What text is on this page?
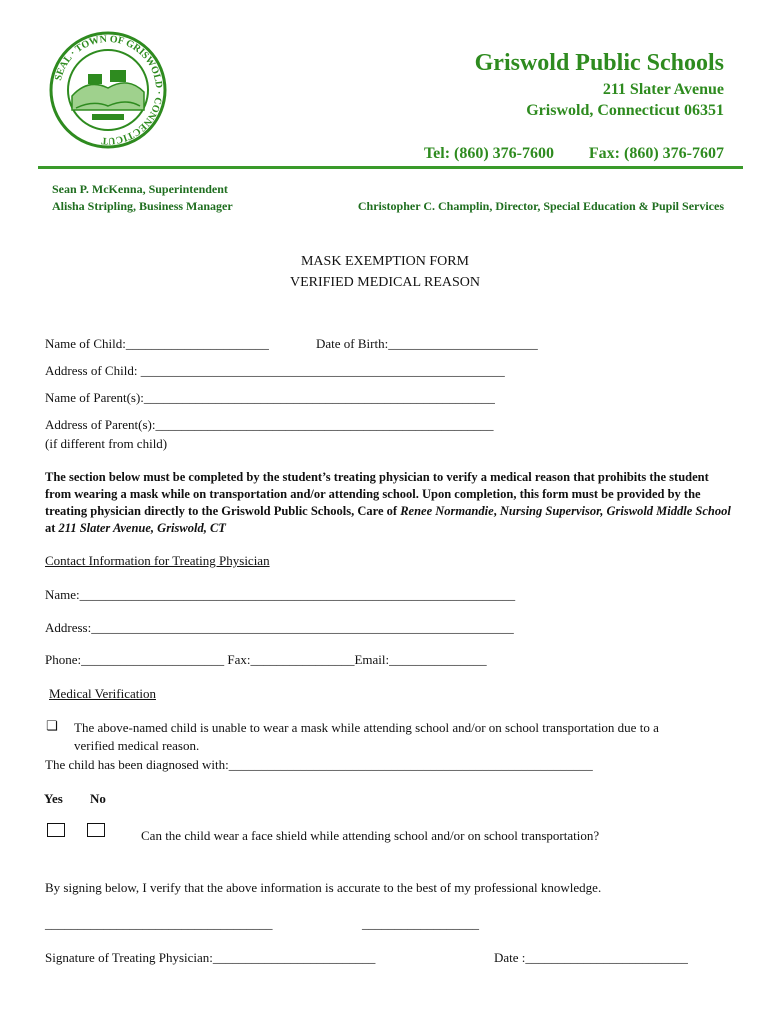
SEAL · TOWN OF GRISWOLD · CONNECTICUT
Griswold Public Schools
211 Slater Avenue
Griswold, Connecticut 06351
Tel: (860) 376-7600 Fax: (860) 376-7607
Sean P. McKenna, Superintendent
Alisha Stripling, Business Manager	Christopher C. Champlin, Director, Special Education & Pupil Services
MASK EXEMPTION FORM
VERIFIED MEDICAL REASON
Name of Child:______________________	Date of Birth:_______________________
Address of Child: ________________________________________________________
Name of Parent(s):______________________________________________________
Address of Parent(s):____________________________________________________
(if different from child)
The section below must be completed by the student’s treating physician to verify a medical reason that prohibits the student from wearing a mask while on transportation and/or attending school. Upon completion, this form must be provided by the treating physician directly to the Griswold Public Schools, Care of Renee Normandie, Nursing Supervisor, Griswold Middle School at 211 Slater Avenue, Griswold, CT
Contact Information for Treating Physician
Name:___________________________________________________________________
Address:_________________________________________________________________
Phone:______________________ Fax:________________Email:_______________
Medical Verification
❏ The above-named child is unable to wear a mask while attending school and/or on school transportation due to a
verified medical reason.
The child has been diagnosed with:________________________________________________________
Yes No
Can the child wear a face shield while attending school and/or on school transportation?
By signing below, I verify that the above information is accurate to the best of my professional knowledge.
___________________________________	__________________
Signature of Treating Physician:_________________________	Date :_________________________
